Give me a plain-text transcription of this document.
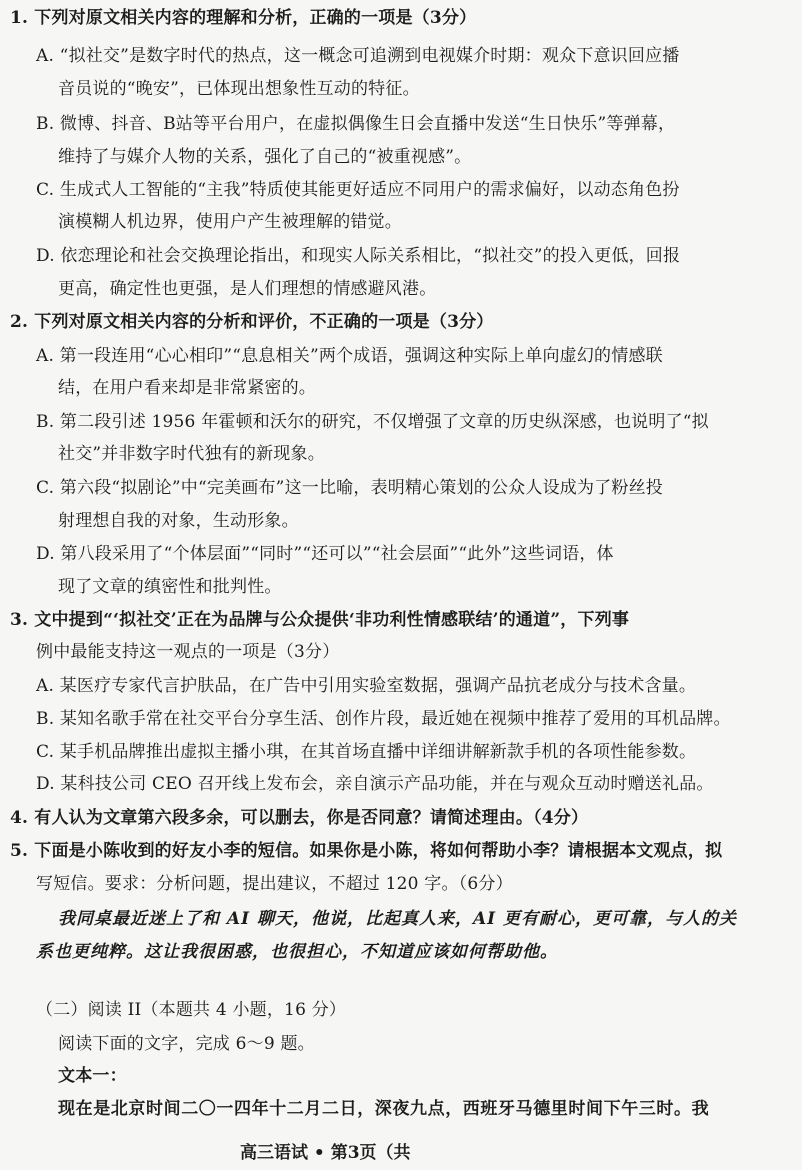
1. 下列对原文相关内容的理解和分析，正确的一项是（3分）
A. “拟社交”是数字时代的热点，这一概念可追溯到电视媒介时期：观众下意识回应播
音员说的“晚安”，已体现出想象性互动的特征。
B. 微博、抖音、B站等平台用户，在虚拟偶像生日会直播中发送“生日快乐”等弹幕，
维持了与媒介人物的关系，强化了自己的“被重视感”。
C. 生成式人工智能的“主我”特质使其能更好适应不同用户的需求偏好，以动态角色扮
演模糊人机边界，使用户产生被理解的错觉。
D. 依恋理论和社会交换理论指出，和现实人际关系相比，“拟社交”的投入更低，回报
更高，确定性也更强，是人们理想的情感避风港。
2. 下列对原文相关内容的分析和评价，不正确的一项是（3分）
A. 第一段连用“心心相印”“息息相关”两个成语，强调这种实际上单向虚幻的情感联
结，在用户看来却是非常紧密的。
B. 第二段引述 1956 年霍顿和沃尔的研究，不仅增强了文章的历史纵深感，也说明了“拟
社交”并非数字时代独有的新现象。
C. 第六段“拟剧论”中“完美画布”这一比喻，表明精心策划的公众人设成为了粉丝投
射理想自我的对象，生动形象。
D. 第八段采用了“个体层面”“同时”“还可以”“社会层面”“此外”这些词语，体
现了文章的缜密性和批判性。
3. 文中提到“‘拟社交’正在为品牌与公众提供‘非功利性情感联结’的通道”，下列事
例中最能支持这一观点的一项是（3分）
A. 某医疗专家代言护肤品，在广告中引用实验室数据，强调产品抗老成分与技术含量。
B. 某知名歌手常在社交平台分享生活、创作片段，最近她在视频中推荐了爱用的耳机品牌。
C. 某手机品牌推出虚拟主播小琪，在其首场直播中详细讲解新款手机的各项性能参数。
D. 某科技公司 CEO 召开线上发布会，亲自演示产品功能，并在与观众互动时赠送礼品。
4. 有人认为文章第六段多余，可以删去，你是否同意？请简述理由。（4分）
5. 下面是小陈收到的好友小李的短信。如果你是小陈，将如何帮助小李？请根据本文观点，拟
写短信。要求：分析问题，提出建议，不超过 120 字。（6分）
我同桌最近迷上了和 AI 聊天，他说，比起真人来，AI 更有耐心，更可靠，与人的关
系也更纯粹。这让我很困惑，也很担心，不知道应该如何帮助他。
（二）阅读 II（本题共 4 小题，16 分）
阅读下面的文字，完成 6～9 题。
文本一：
现在是北京时间二〇一四年十二月二日，深夜九点，西班牙马德里时间下午三时。我
高三语试 • 第3页（共
